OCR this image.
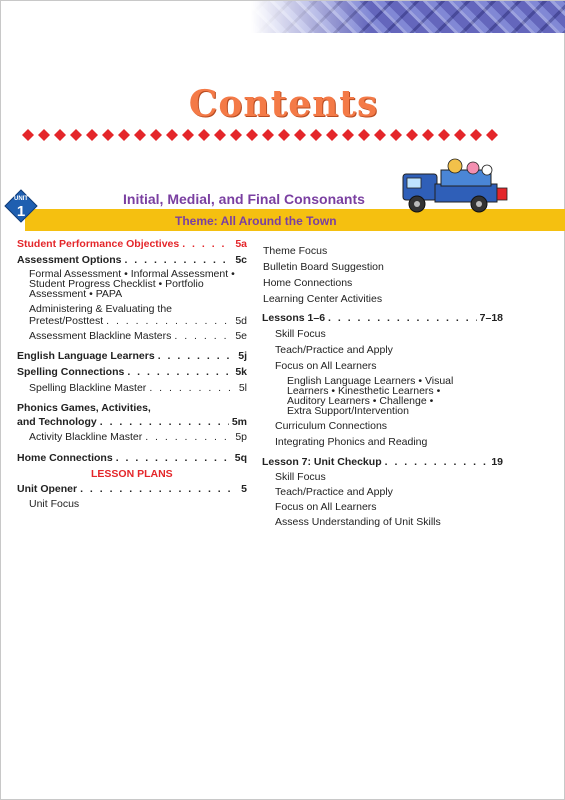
Contents
UNIT
1
Initial, Medial, and Final Consonants
Theme: All Around the Town
Student Performance Objectives . . .	5a
Assessment Options . . .	5c
Formal Assessment • Informal Assessment •
Student Progress Checklist • Portfolio
Assessment • PAPA
Administering & Evaluating the
Pretest/Posttest . . .	5d
Assessment Blackline Masters . . .	5e
English Language Learners . . .	5j
Spelling Connections . . .	5k
Spelling Blackline Master . . .	5l
Phonics Games, Activities,
and Technology . . .	5m
Activity Blackline Master . . .	5p
Home Connections . . .	5q
LESSON PLANS
Unit Opener . . .	5
Unit Focus
Theme Focus
Bulletin Board Suggestion
Home Connections
Learning Center Activities
Lessons 1–6 . . .	7–18
Skill Focus
Teach/Practice and Apply
Focus on All Learners
English Language Learners • Visual
Learners • Kinesthetic Learners •
Auditory Learners • Challenge •
Extra Support/Intervention
Curriculum Connections
Integrating Phonics and Reading
Lesson 7: Unit Checkup . . .	19
Skill Focus
Teach/Practice and Apply
Focus on All Learners
Assess Understanding of Unit Skills
